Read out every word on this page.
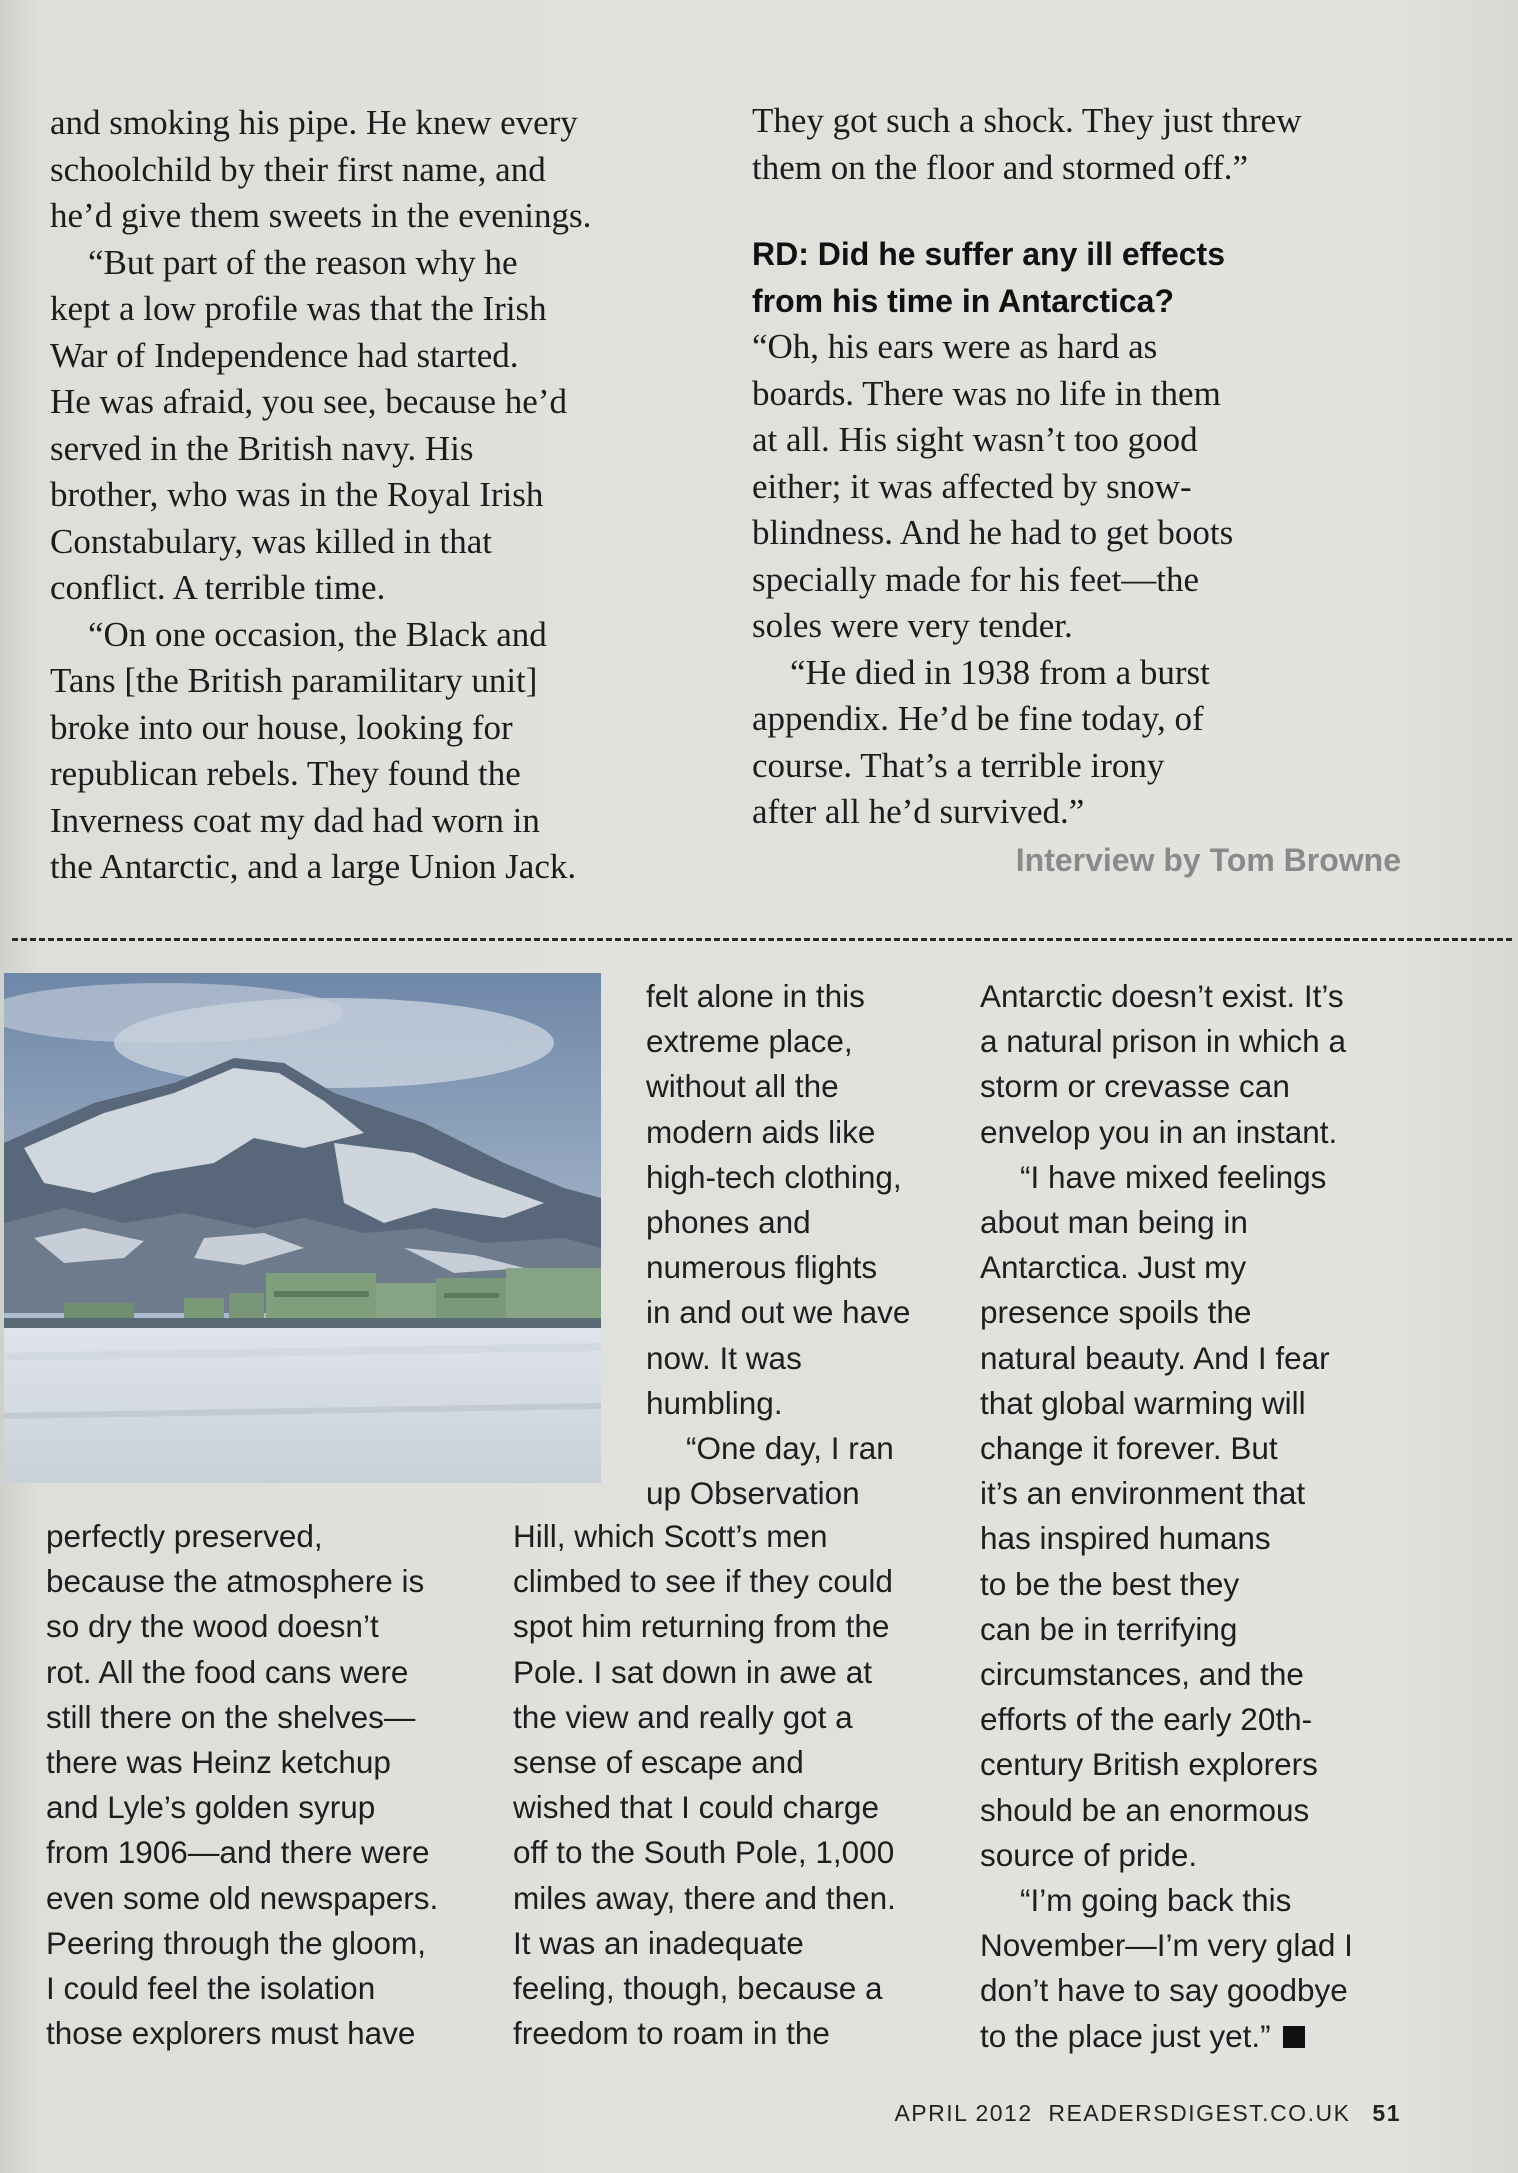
and smoking his pipe. He knew every

schoolchild by their first name, and

he’d give them sweets in the evenings.

“But part of the reason why he

kept a low profile was that the Irish

War of Independence had started.

He was afraid, you see, because he’d

served in the British navy. His

brother, who was in the Royal Irish

Constabulary, was killed in that

conflict. A terrible time.

“On one occasion, the Black and

Tans [the British paramilitary unit]

broke into our house, looking for

republican rebels. They found the

Inverness coat my dad had worn in

the Antarctic, and a large Union Jack.

They got such a shock. They just threw

them on the floor and stormed off.”

RD: Did he suffer any ill effects

from his time in Antarctica?

“Oh, his ears were as hard as

boards. There was no life in them

at all. His sight wasn’t too good

either; it was affected by snow-

blindness. And he had to get boots

specially made for his feet—the

soles were very tender.

“He died in 1938 from a burst

appendix. He’d be fine today, of

course. That’s a terrible irony

after all he’d survived.”

Interview by Tom Browne

felt alone in this

extreme place,

without all the

modern aids like

high-tech clothing,

phones and

numerous flights

in and out we have

now. It was

humbling.

“One day, I ran

up Observation

perfectly preserved,

because the atmosphere is

so dry the wood doesn’t

rot. All the food cans were

still there on the shelves—

there was Heinz ketchup

and Lyle’s golden syrup

from 1906—and there were

even some old newspapers.

Peering through the gloom,

I could feel the isolation

those explorers must have

Hill, which Scott’s men

climbed to see if they could

spot him returning from the

Pole. I sat down in awe at

the view and really got a

sense of escape and

wished that I could charge

off to the South Pole, 1,000

miles away, there and then.

It was an inadequate

feeling, though, because a

freedom to roam in the

Antarctic doesn’t exist. It’s

a natural prison in which a

storm or crevasse can

envelop you in an instant.

“I have mixed feelings

about man being in

Antarctica. Just my

presence spoils the

natural beauty. And I fear

that global warming will

change it forever. But

it’s an environment that

has inspired humans

to be the best they

can be in terrifying

circumstances, and the

efforts of the early 20th-

century British explorers

should be an enormous

source of pride.

“I’m going back this

November—I’m very glad I

don’t have to say goodbye

to the place just yet.”

APRIL 2012  READERSDIGEST.CO.UK 51
